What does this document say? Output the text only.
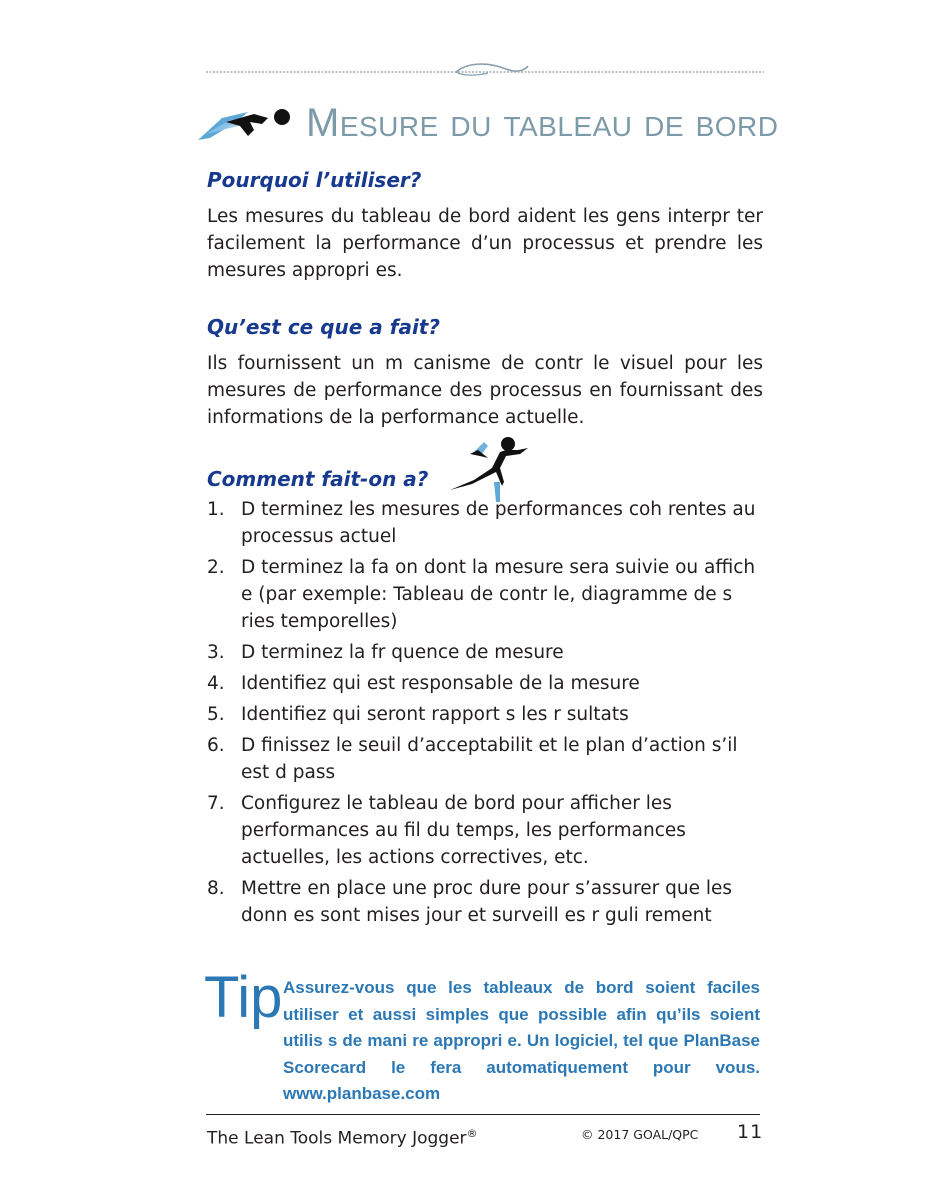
Mesure du tableau de bord
Pourquoi l’utiliser?

Les mesures du tableau de bord aident les gens interpr ter facilement la performance d’un processus et prendre les mesures appropri es.

Qu’est ce que a fait?

Ils fournissent un m canisme de contr le visuel pour les mesures de performance des processus en fournissant des informations de la performance actuelle.

Comment fait-on a?
1. D terminez les mesures de performances coh rentes au processus actuel
2. D terminez la fa on dont la mesure sera suivie ou affich e (par exemple: Tableau de contr le, diagramme de s ries temporelles)
3. D terminez la fr quence de mesure
4. Identifiez qui est responsable de la mesure
5. Identifiez qui seront rapport s les r sultats
6. D finissez le seuil d’acceptabilit et le plan d’action s’il est d pass
7. Configurez le tableau de bord pour afficher les performances au fil du temps, les performances actuelles, les actions correctives, etc.
8. Mettre en place une proc dure pour s’assurer que les donn es sont mises jour et surveill es r guli rement
Tip Assurez-vous que les tableaux de bord soient faciles utiliser et aussi simples que possible afin qu’ils soient utilis s de mani re appropri e. Un logiciel, tel que PlanBase Scorecard le fera automatiquement pour vous. www.planbase.com

The Lean Tools Memory Jogger®	© 2017 GOAL/QPC 11
